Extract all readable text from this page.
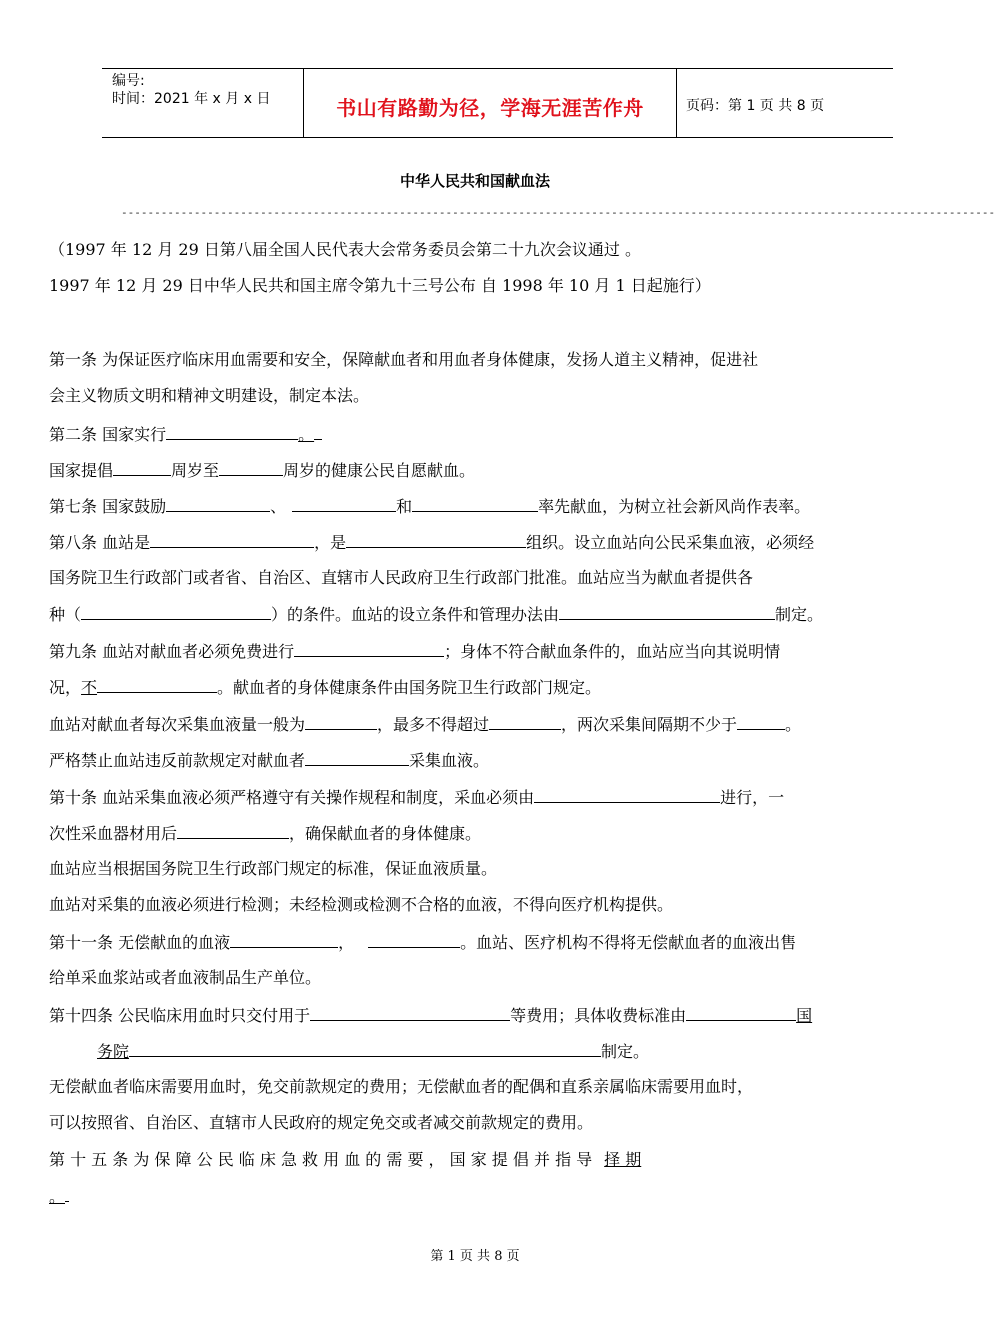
编号:
时间：2021 年 x 月 x 日	书山有路勤为径，学海无涯苦作舟	页码：第 1 页 共 8 页
中华人民共和国献血法
------------------------------------------------------------------------------------------------------------------------------------
（1997 年 12 月 29 日第八届全国人民代表大会常务委员会第二十九次会议通过 。
1997 年 12 月 29 日中华人民共和国主席令第九十三号公布 自 1998 年 10 月 1 日起施行）
第一条 为保证医疗临床用血需要和安全，保障献血者和用血者身体健康，发扬人道主义精神，促进社
会主义物质文明和精神文明建设，制定本法。
第二条 国家实行	。
国家提倡	周岁至	周岁的健康公民自愿献血。
第七条 国家鼓励	、	和	率先献血，为树立社会新风尚作表率。
第八条 血站是	，是	组织。设立血站向公民采集血液，必须经
国务院卫生行政部门或者省、自治区、直辖市人民政府卫生行政部门批准。血站应当为献血者提供各
种（	）的条件。血站的设立条件和管理办法由	制定。
第九条 血站对献血者必须免费进行	；身体不符合献血条件的，血站应当向其说明情
况，不	。献血者的身体健康条件由国务院卫生行政部门规定。
血站对献血者每次采集血液量一般为	，最多不得超过	，两次采集间隔期不少于	。
严格禁止血站违反前款规定对献血者	采集血液。
第十条 血站采集血液必须严格遵守有关操作规程和制度，采血必须由	进行，一
次性采血器材用后	，确保献血者的身体健康。
血站应当根据国务院卫生行政部门规定的标准，保证血液质量。
血站对采集的血液必须进行检测；未经检测或检测不合格的血液，不得向医疗机构提供。
第十一条 无偿献血的血液	，	。血站、医疗机构不得将无偿献血者的血液出售
给单采血浆站或者血液制品生产单位。
第十四条 公民临床用血时只交付用于	等费用；具体收费标准由	国
务院	制定。
无偿献血者临床需要用血时，免交前款规定的费用；无偿献血者的配偶和直系亲属临床需要用血时，
可以按照省、自治区、直辖市人民政府的规定免交或者减交前款规定的费用。
第 十 五 条 为 保 障 公 民 临 床 急 救 用 血 的 需 要 ， 国 家 提 倡 并 指 导 择 期
。
第 1 页 共 8 页
